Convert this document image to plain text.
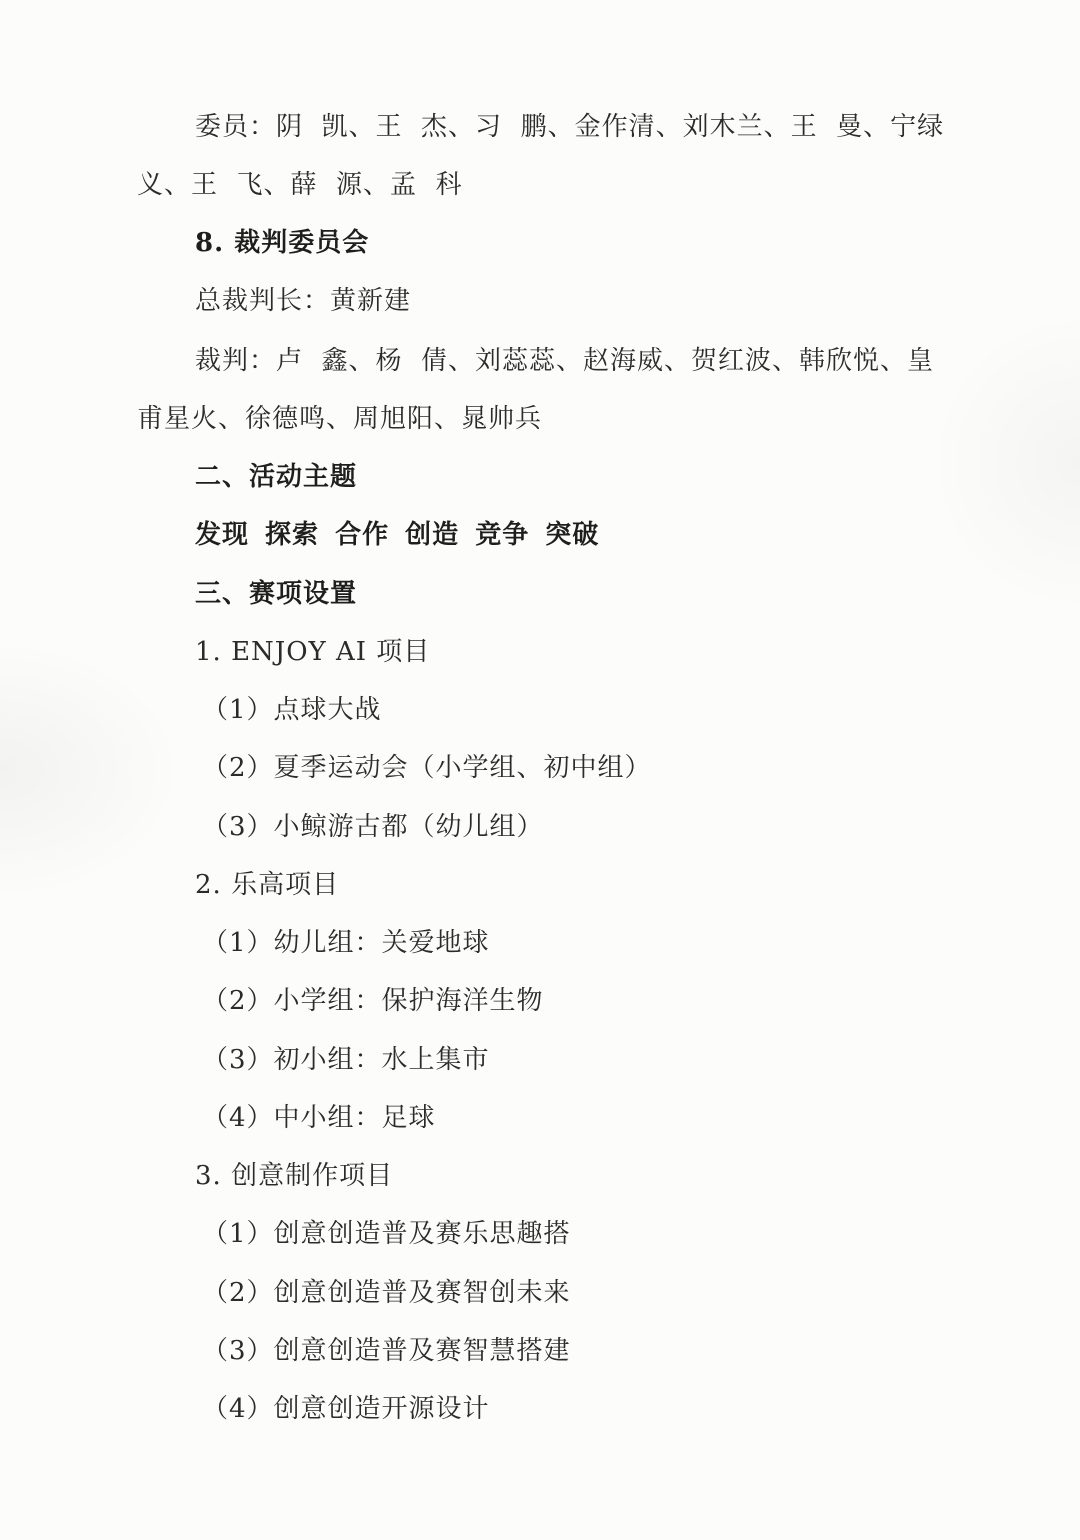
委员：阴  凯、王  杰、习  鹏、金作清、刘木兰、王  曼、宁绿
义、王  飞、薛  源、孟  科
8. 裁判委员会
总裁判长：黄新建
裁判：卢  鑫、杨  倩、刘蕊蕊、赵海威、贺红波、韩欣悦、皇
甫星火、徐德鸣、周旭阳、晁帅兵
二、活动主题
发现 探索 合作 创造 竞争 突破
三、赛项设置
1. ENJOY AI 项目
（1）点球大战
（2）夏季运动会（小学组、初中组）
（3）小鲸游古都（幼儿组）
2. 乐高项目
（1）幼儿组：关爱地球
（2）小学组：保护海洋生物
（3）初小组：水上集市
（4）中小组：足球
3. 创意制作项目
（1）创意创造普及赛乐思趣搭
（2）创意创造普及赛智创未来
（3）创意创造普及赛智慧搭建
（4）创意创造开源设计
